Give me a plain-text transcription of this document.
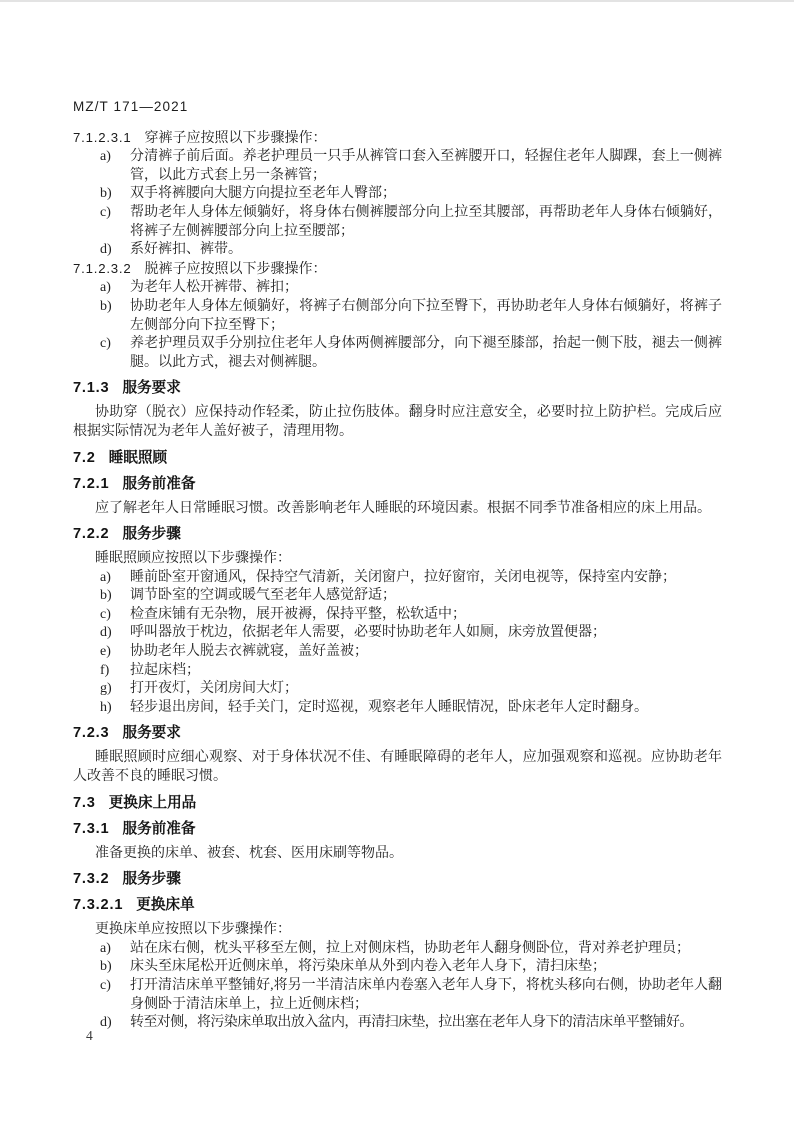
MZ/T 171—2021

7.1.2.3.1 穿裤子应按照以下步骤操作：

a)	分清裤子前后面。养老护理员一只手从裤管口套入至裤腰开口，轻握住老年人脚踝，套上一侧裤管，以此方式套上另一条裤管；
b)	双手将裤腰向大腿方向提拉至老年人臀部；
c)	帮助老年人身体左倾躺好，将身体右侧裤腰部分向上拉至其腰部，再帮助老年人身体右倾躺好，将裤子左侧裤腰部分向上拉至腰部；
d)	系好裤扣、裤带。

7.1.2.3.2 脱裤子应按照以下步骤操作：

a)	为老年人松开裤带、裤扣；
b)	协助老年人身体左倾躺好，将裤子右侧部分向下拉至臀下，再协助老年人身体右倾躺好，将裤子左侧部分向下拉至臀下；
c)	养老护理员双手分别拉住老年人身体两侧裤腰部分，向下褪至膝部，抬起一侧下肢，褪去一侧裤腿。以此方式，褪去对侧裤腿。

7.1.3 服务要求

协助穿（脱衣）应保持动作轻柔，防止拉伤肢体。翻身时应注意安全，必要时拉上防护栏。完成后应根据实际情况为老年人盖好被子，清理用物。

7.2 睡眠照顾

7.2.1 服务前准备

应了解老年人日常睡眠习惯。改善影响老年人睡眠的环境因素。根据不同季节准备相应的床上用品。

7.2.2 服务步骤

睡眠照顾应按照以下步骤操作：

a)	睡前卧室开窗通风，保持空气清新，关闭窗户，拉好窗帘，关闭电视等，保持室内安静；
b)	调节卧室的空调或暖气至老年人感觉舒适；
c)	检查床铺有无杂物，展开被褥，保持平整，松软适中；
d)	呼叫器放于枕边，依据老年人需要，必要时协助老年人如厕，床旁放置便器；
e)	协助老年人脱去衣裤就寝，盖好盖被；
f)	拉起床档；
g)	打开夜灯，关闭房间大灯；
h)	轻步退出房间，轻手关门，定时巡视，观察老年人睡眠情况，卧床老年人定时翻身。

7.2.3 服务要求

睡眠照顾时应细心观察、对于身体状况不佳、有睡眠障碍的老年人，应加强观察和巡视。应协助老年人改善不良的睡眠习惯。

7.3 更换床上用品

7.3.1 服务前准备

准备更换的床单、被套、枕套、医用床刷等物品。

7.3.2 服务步骤

7.3.2.1 更换床单

更换床单应按照以下步骤操作：

a)	站在床右侧，枕头平移至左侧，拉上对侧床档，协助老年人翻身侧卧位，背对养老护理员；
b)	床头至床尾松开近侧床单，将污染床单从外到内卷入老年人身下，清扫床垫；
c)	打开清洁床单平整铺好,将另一半清洁床单内卷塞入老年人身下，将枕头移向右侧，协助老年人翻身侧卧于清洁床单上，拉上近侧床档；
d)	转至对侧，将污染床单取出放入盆内，再清扫床垫，拉出塞在老年人身下的清洁床单平整铺好。
4
